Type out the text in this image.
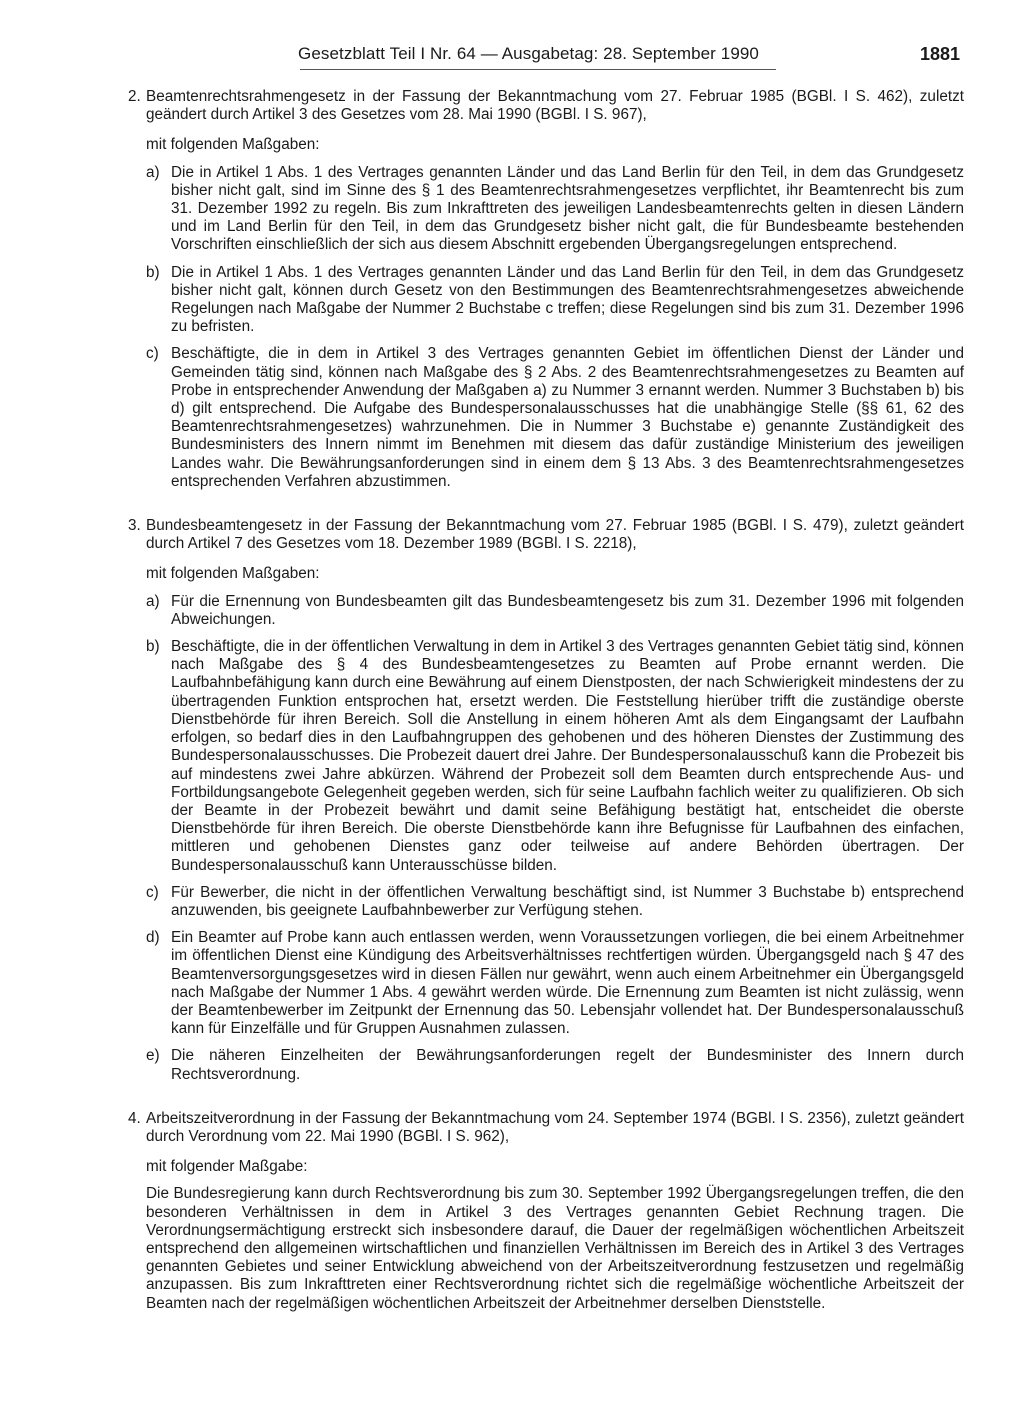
Gesetzblatt Teil I Nr. 64 — Ausgabetag: 28. September 1990	1881
2. Beamtenrechtsrahmengesetz in der Fassung der Bekanntmachung vom 27. Februar 1985 (BGBl. I S. 462), zuletzt geändert durch Artikel 3 des Gesetzes vom 28. Mai 1990 (BGBl. I S. 967),

mit folgenden Maßgaben:

a) Die in Artikel 1 Abs. 1 des Vertrages genannten Länder und das Land Berlin für den Teil, in dem das Grundgesetz bisher nicht galt, sind im Sinne des § 1 des Beamtenrechtsrahmengesetzes verpflichtet, ihr Beamtenrecht bis zum 31. Dezember 1992 zu regeln. Bis zum Inkrafttreten des jeweiligen Landesbeamtenrechts gelten in diesen Ländern und im Land Berlin für den Teil, in dem das Grundgesetz bisher nicht galt, die für Bundesbeamte bestehenden Vorschriften einschließlich der sich aus diesem Abschnitt ergebenden Übergangsregelungen entsprechend.

b) Die in Artikel 1 Abs. 1 des Vertrages genannten Länder und das Land Berlin für den Teil, in dem das Grundgesetz bisher nicht galt, können durch Gesetz von den Bestimmungen des Beamtenrechtsrahmengesetzes abweichende Regelungen nach Maßgabe der Nummer 2 Buchstabe c treffen; diese Regelungen sind bis zum 31. Dezember 1996 zu befristen.

c) Beschäftigte, die in dem in Artikel 3 des Vertrages genannten Gebiet im öffentlichen Dienst der Länder und Gemeinden tätig sind, können nach Maßgabe des § 2 Abs. 2 des Beamtenrechtsrahmengesetzes zu Beamten auf Probe in entsprechender Anwendung der Maßgaben a) zu Nummer 3 ernannt werden. Nummer 3 Buchstaben b) bis d) gilt entsprechend. Die Aufgabe des Bundespersonalausschusses hat die unabhängige Stelle (§§ 61, 62 des Beamtenrechtsrahmengesetzes) wahrzunehmen. Die in Nummer 3 Buchstabe e) genannte Zuständigkeit des Bundesministers des Innern nimmt im Benehmen mit diesem das dafür zuständige Ministerium des jeweiligen Landes wahr. Die Bewährungsanforderungen sind in einem dem § 13 Abs. 3 des Beamtenrechtsrahmengesetzes entsprechenden Verfahren abzustimmen.

3. Bundesbeamtengesetz in der Fassung der Bekanntmachung vom 27. Februar 1985 (BGBl. I S. 479), zuletzt geändert durch Artikel 7 des Gesetzes vom 18. Dezember 1989 (BGBl. I S. 2218),

mit folgenden Maßgaben:

a) Für die Ernennung von Bundesbeamten gilt das Bundesbeamtengesetz bis zum 31. Dezember 1996 mit folgenden Abweichungen.

b) Beschäftigte, die in der öffentlichen Verwaltung in dem in Artikel 3 des Vertrages genannten Gebiet tätig sind, können nach Maßgabe des § 4 des Bundesbeamtengesetzes zu Beamten auf Probe ernannt werden. Die Laufbahnbefähigung kann durch eine Bewährung auf einem Dienstposten, der nach Schwierigkeit mindestens der zu übertragenden Funktion entsprochen hat, ersetzt werden. Die Feststellung hierüber trifft die zuständige oberste Dienstbehörde für ihren Bereich. Soll die Anstellung in einem höheren Amt als dem Eingangsamt der Laufbahn erfolgen, so bedarf dies in den Laufbahngruppen des gehobenen und des höheren Dienstes der Zustimmung des Bundespersonalausschusses. Die Probezeit dauert drei Jahre. Der Bundespersonalausschuß kann die Probezeit bis auf mindestens zwei Jahre abkürzen. Während der Probezeit soll dem Beamten durch entsprechende Aus- und Fortbildungsangebote Gelegenheit gegeben werden, sich für seine Laufbahn fachlich weiter zu qualifizieren. Ob sich der Beamte in der Probezeit bewährt und damit seine Befähigung bestätigt hat, entscheidet die oberste Dienstbehörde für ihren Bereich. Die oberste Dienstbehörde kann ihre Befugnisse für Laufbahnen des einfachen, mittleren und gehobenen Dienstes ganz oder teilweise auf andere Behörden übertragen. Der Bundespersonalausschuß kann Unterausschüsse bilden.

c) Für Bewerber, die nicht in der öffentlichen Verwaltung beschäftigt sind, ist Nummer 3 Buchstabe b) entsprechend anzuwenden, bis geeignete Laufbahnbewerber zur Verfügung stehen.

d) Ein Beamter auf Probe kann auch entlassen werden, wenn Voraussetzungen vorliegen, die bei einem Arbeitnehmer im öffentlichen Dienst eine Kündigung des Arbeitsverhältnisses rechtfertigen würden. Übergangsgeld nach § 47 des Beamtenversorgungsgesetzes wird in diesen Fällen nur gewährt, wenn auch einem Arbeitnehmer ein Übergangsgeld nach Maßgabe der Nummer 1 Abs. 4 gewährt werden würde. Die Ernennung zum Beamten ist nicht zulässig, wenn der Beamtenbewerber im Zeitpunkt der Ernennung das 50. Lebensjahr vollendet hat. Der Bundespersonalausschuß kann für Einzelfälle und für Gruppen Ausnahmen zulassen.

e) Die näheren Einzelheiten der Bewährungsanforderungen regelt der Bundesminister des Innern durch Rechtsverordnung.

4. Arbeitszeitverordnung in der Fassung der Bekanntmachung vom 24. September 1974 (BGBl. I S. 2356), zuletzt geändert durch Verordnung vom 22. Mai 1990 (BGBl. I S. 962),

mit folgender Maßgabe:

Die Bundesregierung kann durch Rechtsverordnung bis zum 30. September 1992 Übergangsregelungen treffen, die den besonderen Verhältnissen in dem in Artikel 3 des Vertrages genannten Gebiet Rechnung tragen. Die Verordnungsermächtigung erstreckt sich insbesondere darauf, die Dauer der regelmäßigen wöchentlichen Arbeitszeit entsprechend den allgemeinen wirtschaftlichen und finanziellen Verhältnissen im Bereich des in Artikel 3 des Vertrages genannten Gebietes und seiner Entwicklung abweichend von der Arbeitszeitverordnung festzusetzen und regelmäßig anzupassen. Bis zum Inkrafttreten einer Rechtsverordnung richtet sich die regelmäßige wöchentliche Arbeitszeit der Beamten nach der regelmäßigen wöchentlichen Arbeitszeit der Arbeitnehmer derselben Dienststelle.
